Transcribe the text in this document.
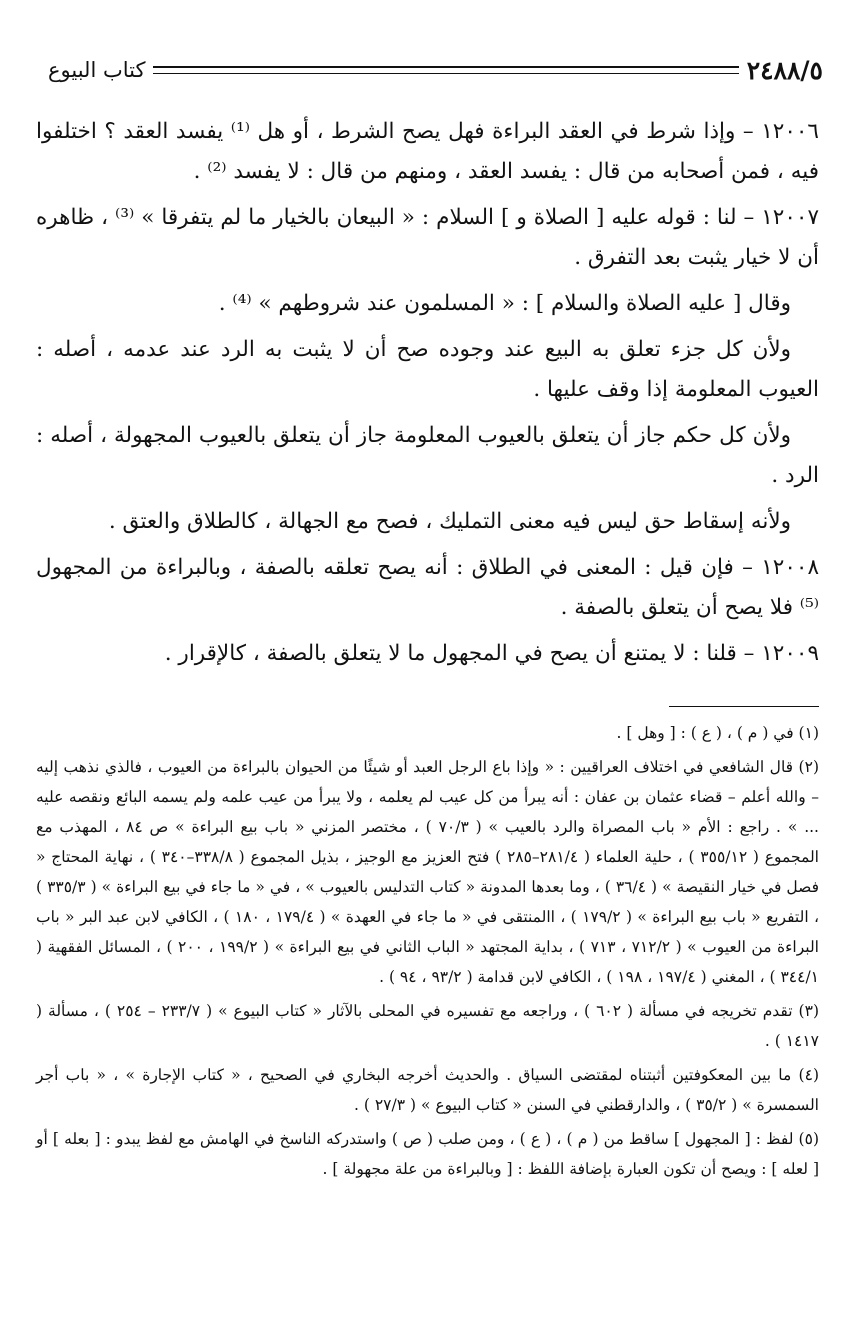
٢٤٨٨/٥
كتاب البيوع

١٢٠٠٦ – وإذا شرط في العقد البراءة فهل يصح الشرط ، أو هل ⁽¹⁾ يفسد العقد ؟ اختلفوا فيه ، فمن أصحابه من قال : يفسد العقد ، ومنهم من قال : لا يفسد ⁽²⁾ .

١٢٠٠٧ – لنا : قوله عليه [ الصلاة و ] السلام : « البيعان بالخيار ما لم يتفرقا » ⁽³⁾ ، ظاهره أن لا خيار يثبت بعد التفرق .

وقال [ عليه الصلاة والسلام ] : « المسلمون عند شروطهم » ⁽⁴⁾ .

ولأن كل جزء تعلق به البيع عند وجوده صح أن لا يثبت به الرد عند عدمه ، أصله : العيوب المعلومة إذا وقف عليها .

ولأن كل حكم جاز أن يتعلق بالعيوب المعلومة جاز أن يتعلق بالعيوب المجهولة ، أصله : الرد .

ولأنه إسقاط حق ليس فيه معنى التمليك ، فصح مع الجهالة ، كالطلاق والعتق .

١٢٠٠٨ – فإن قيل : المعنى في الطلاق : أنه يصح تعلقه بالصفة ، وبالبراءة من المجهول ⁽⁵⁾ فلا يصح أن يتعلق بالصفة .

١٢٠٠٩ – قلنا : لا يمتنع أن يصح في المجهول ما لا يتعلق بالصفة ، كالإقرار .

(١) في ( م ) ، ( ع ) : [ وهل ] .

(٢) قال الشافعي في اختلاف العراقيين : « وإذا باع الرجل العبد أو شيئًا من الحيوان بالبراءة من العيوب ، فالذي نذهب إليه – والله أعلم – قضاء عثمان بن عفان : أنه يبرأ من كل عيب لم يعلمه ، ولا يبرأ من عيب علمه ولم يسمه البائع ونقصه عليه ... » . راجع : الأم « باب المصراة والرد بالعيب » ( ٧٠/٣ ) ، مختصر المزني « باب بيع البراءة » ص ٨٤ ، المهذب مع المجموع ( ٣٥٥/١٢ ) ، حلية العلماء ( ٢٨١/٤–٢٨٥ ) فتح العزيز مع الوجيز ، بذيل المجموع ( ٣٣٨/٨–٣٤٠ ) ، نهاية المحتاج « فصل في خيار النقيصة » ( ٣٦/٤ ) ، وما بعدها المدونة « كتاب التدليس بالعيوب » ، في « ما جاء في بيع البراءة » ( ٣٣٥/٣ ) ، التفريع « باب بيع البراءة » ( ١٧٩/٢ ) ، االمنتقى في « ما جاء في العهدة » ( ١٧٩/٤ ، ١٨٠ ) ، الكافي لابن عبد البر « باب البراءة من العيوب » ( ٧١٢/٢ ، ٧١٣ ) ، بداية المجتهد « الباب الثاني في بيع البراءة » ( ١٩٩/٢ ، ٢٠٠ ) ، المسائل الفقهية ( ٣٤٤/١ ) ، المغني ( ١٩٧/٤ ، ١٩٨ ) ، الكافي لابن قدامة ( ٩٣/٢ ، ٩٤ ) .

(٣) تقدم تخريجه في مسألة ( ٦٠٢ ) ، وراجعه مع تفسيره في المحلى بالآثار « كتاب البيوع » ( ٢٣٣/٧ – ٢٥٤ ) ، مسألة ( ١٤١٧ ) .

(٤) ما بين المعكوفتين أثبتناه لمقتضى السياق . والحديث أخرجه البخاري في الصحيح ، « كتاب الإجارة » ، « باب أجر السمسرة » ( ٣٥/٢ ) ، والدارقطني في السنن « كتاب البيوع » ( ٢٧/٣ ) .

(٥) لفظ : [ المجهول ] ساقط من ( م ) ، ( ع ) ، ومن صلب ( ص ) واستدركه الناسخ في الهامش مع لفظ يبدو : [ بعله ] أو [ لعله ] : ويصح أن تكون العبارة بإضافة اللفظ : [ وبالبراءة من علة مجهولة ] .
